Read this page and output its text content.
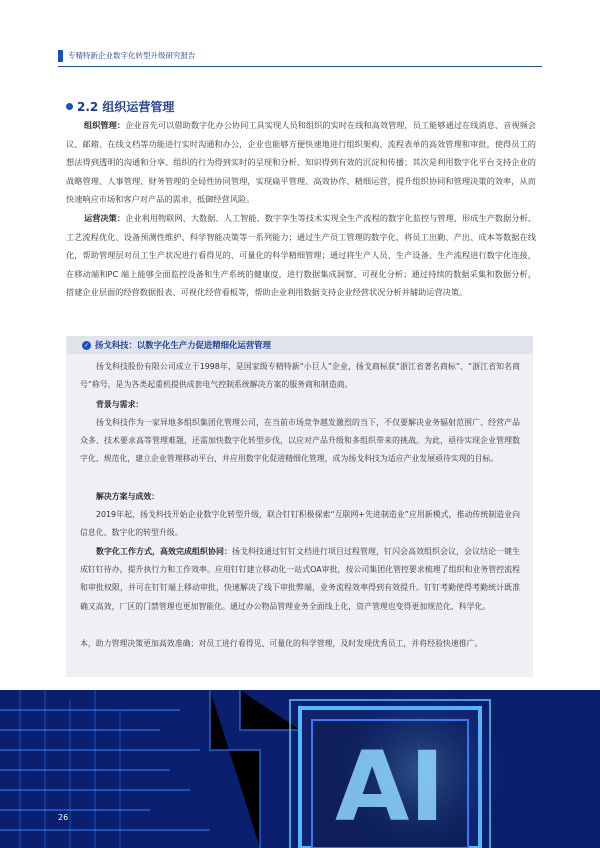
专精特新企业数字化转型升级研究报告
2.2 组织运营管理

组织管理：企业首先可以借助数字化办公协同工具实现人员和组织的实时在线和高效管理，员工能够通过在线消息、音视频会议、邮箱、在线文档等功能进行实时沟通和办公，企业也能够方便快速地进行组织架构、流程表单的高效管理和审批，使得员工的想法得到透明的沟通和分享、组织的行为得到实时的呈现和分析、知识得到有效的沉淀和传播；其次是利用数字化平台支持企业的战略管理、人事管理、财务管理的全局性协同管理，实现扁平管理、高效协作、精细运营，提升组织协同和管理决策的效率，从而快速响应市场和客户对产品的需求，抵御经营风险。

运营决策：企业利用物联网、大数据、人工智能、数字孪生等技术实现全生产流程的数字化监控与管理，形成生产数据分析、工艺流程优化、设备预测性维护、科学智能决策等一系列能力；通过生产员工管理的数字化，将员工出勤、产出、成本等数据在线化，帮助管理层对员工生产状况进行看得见的、可量化的科学精细管理；通过将生产人员、生产设备、生产流程进行数字化连接，在移动端和PC 端上能够全面监控设备和生产系统的健康度，进行数据集成洞察、可视化分析；通过持续的数据采集和数据分析，搭建企业层面的经营数据报表、可视化经营看板等，帮助企业利用数据支持企业经营状况分析并辅助运营决策。

✓ 扬戈科技：以数字化生产力促进精细化运营管理

扬戈科技股份有限公司成立于1998年，是国家级专精特新“小巨人”企业，扬戈商标获“浙江省著名商标”、“浙江省知名商号”称号，是为各类起重机提供成套电气控制系统解决方案的服务商和制造商。

背景与需求：

扬戈科技作为一家异地多组织集团化管理公司，在当前市场竞争越发激烈的当下，不仅要解决业务辐射范围广、经营产品众多、技术要求高等管理难题，还需加快数字化转型步伐，以应对产品升级和多组织带来的挑战。为此，亟待实现企业管理数字化、规范化，建立企业管理移动平台，并应用数字化促进精细化管理，成为扬戈科技为适应产业发展亟待实现的目标。

解决方案与成效：

2019年起，扬戈科技开始企业数字化转型升级，联合钉钉积极探索“互联网+先进制造业”应用新模式，推动传统制造业向信息化、数字化的转型升级。

数字化工作方式，高效完成组织协同：扬戈科技通过钉钉文档进行项目过程管理，钉闪会高效组织会议，会议结论一键生成钉钉待办，提升执行力和工作效率。应用钉钉建立移动化一站式OA审批，按公司集团化管控要求梳理了组织和业务管控流程和审批权限，并可在钉钉端上移动审批，快速解决了线下审批弊端，业务流程效率得到有效提升。钉钉考勤使得考勤统计既准确又高效，厂区的门禁管理也更加智能化。通过办公物品管理业务全面线上化，资产管理也变得更加规范化、科学化。

本，助力管理决策更加高效准确；对员工进行看得见、可量化的科学管理，及时发现优秀员工，并将经验快速推广。

AI
26
